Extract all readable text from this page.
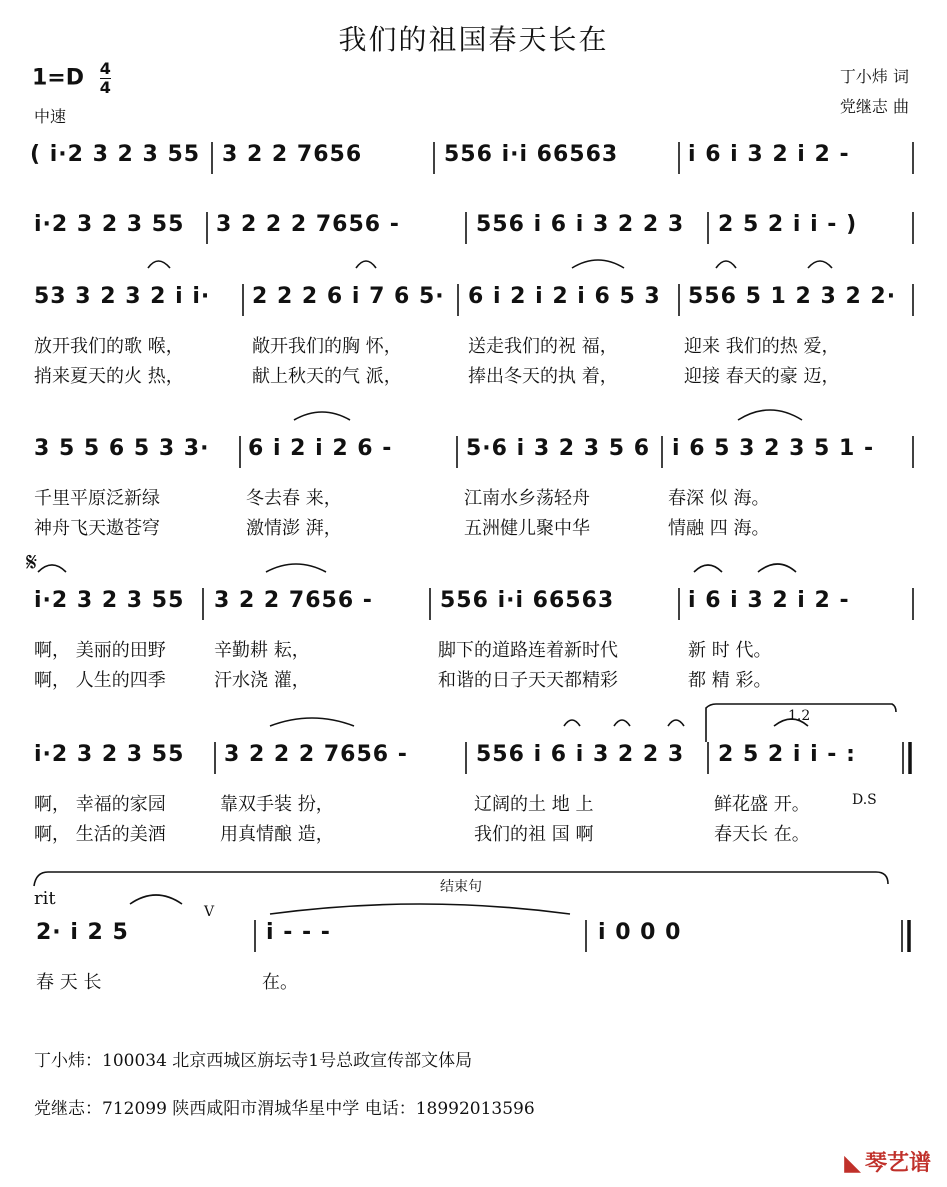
我们的祖国春天长在
$1=D \frac{4}{4}$
中速
丁小炜 词
党继志 曲
( i·2 3 2 3 55 3 2 2 7656	556 i·i 66563	i 6 i 3 2 i 2 -
i·2 3 2 3 55 3 2 2 2 7656 -	556 i 6 i 3 2 2 3 2 5 2 i i - )
53 3 2 3 2 i i· 2 2 2 6 i 7 6 5· 6 i 2 i 2 i 6 5 3 556 5 1 2 3 2 2·
放开我们的歌 喉，	敞开我们的胸 怀，	送走我们的祝 福，	迎来 我们的热 爱，
捎来夏天的火 热，	献上秋天的气 派，	捧出冬天的执 着，	迎接 春天的豪 迈，
3 5 5 6 5 3 3· 6 i 2 i 2 6 -	5·6 i 3 2 3 5 6 i 6 5 3 2 3 5 1 -
千里平原泛新绿	冬去春 来，	江南水乡荡轻舟	春深 似 海。
神舟飞天遨苍穹	激情澎 湃，	五洲健儿聚中华	情融 四 海。
𝄋
i·2 3 2 3 55 3 2 2 7656 -	556 i·i 66563	i 6 i 3 2 i 2 -
啊， 美丽的田野	辛勤耕 耘，	脚下的道路连着新时代	新 时 代。
啊， 人生的四季	汗水浇 灌，	和谐的日子天天都精彩	都 精 彩。
1.2
i·2 3 2 3 55 3 2 2 2 7656 -	556 i 6 i 3 2 2 3 2 5 2 i i - :
啊， 幸福的家园	靠双手装 扮，	辽阔的土 地 上	鲜花盛 开。	D.S
啊， 生活的美酒	用真情酿 造，	我们的祖 国 啊	春天长 在。
结束句
rit
V
2· i 2 5	i - - -	i 0 0 0
春 天 长	在。
丁小炜：100034 北京西城区旃坛寺1号总政宣传部文体局
党继志：712099 陕西咸阳市渭城华星中学 电话：18992013596
◣ 琴艺谱
